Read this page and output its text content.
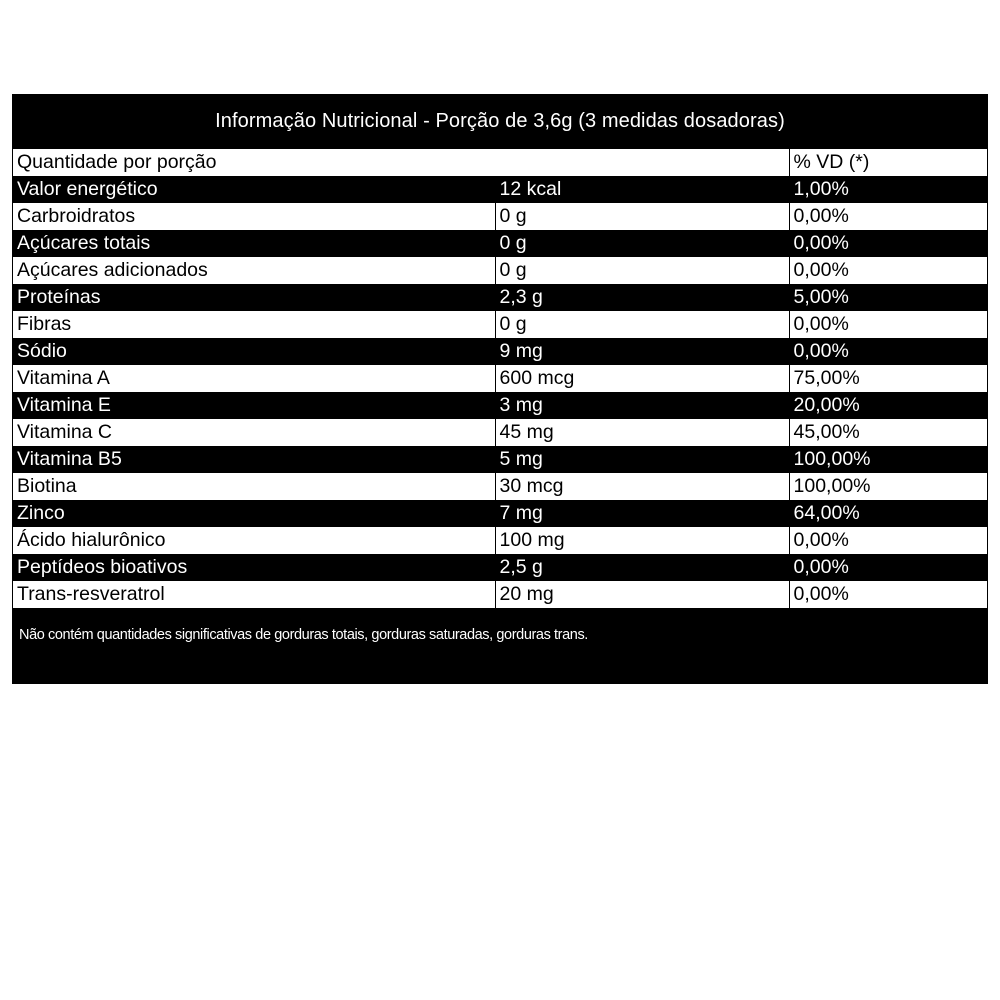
Informação Nutricional - Porção de 3,6g (3 medidas dosadoras)
Quantidade por porção		% VD (*)
Valor energético	12 kcal	1,00%
Carbroidratos	0 g	0,00%
Açúcares totais	0 g	0,00%
Açúcares adicionados	0 g	0,00%
Proteínas	2,3 g	5,00%
Fibras	0 g	0,00%
Sódio	9 mg	0,00%
Vitamina A	600 mcg	75,00%
Vitamina E	3 mg	20,00%
Vitamina C	45 mg	45,00%
Vitamina B5	5 mg	100,00%
Biotina	30 mcg	100,00%
Zinco	7 mg	64,00%
Ácido hialurônico	100 mg	0,00%
Peptídeos bioativos	2,5 g	0,00%
Trans-resveratrol	20 mg	0,00%
Não contém quantidades significativas de gorduras totais, gorduras saturadas, gorduras trans.
